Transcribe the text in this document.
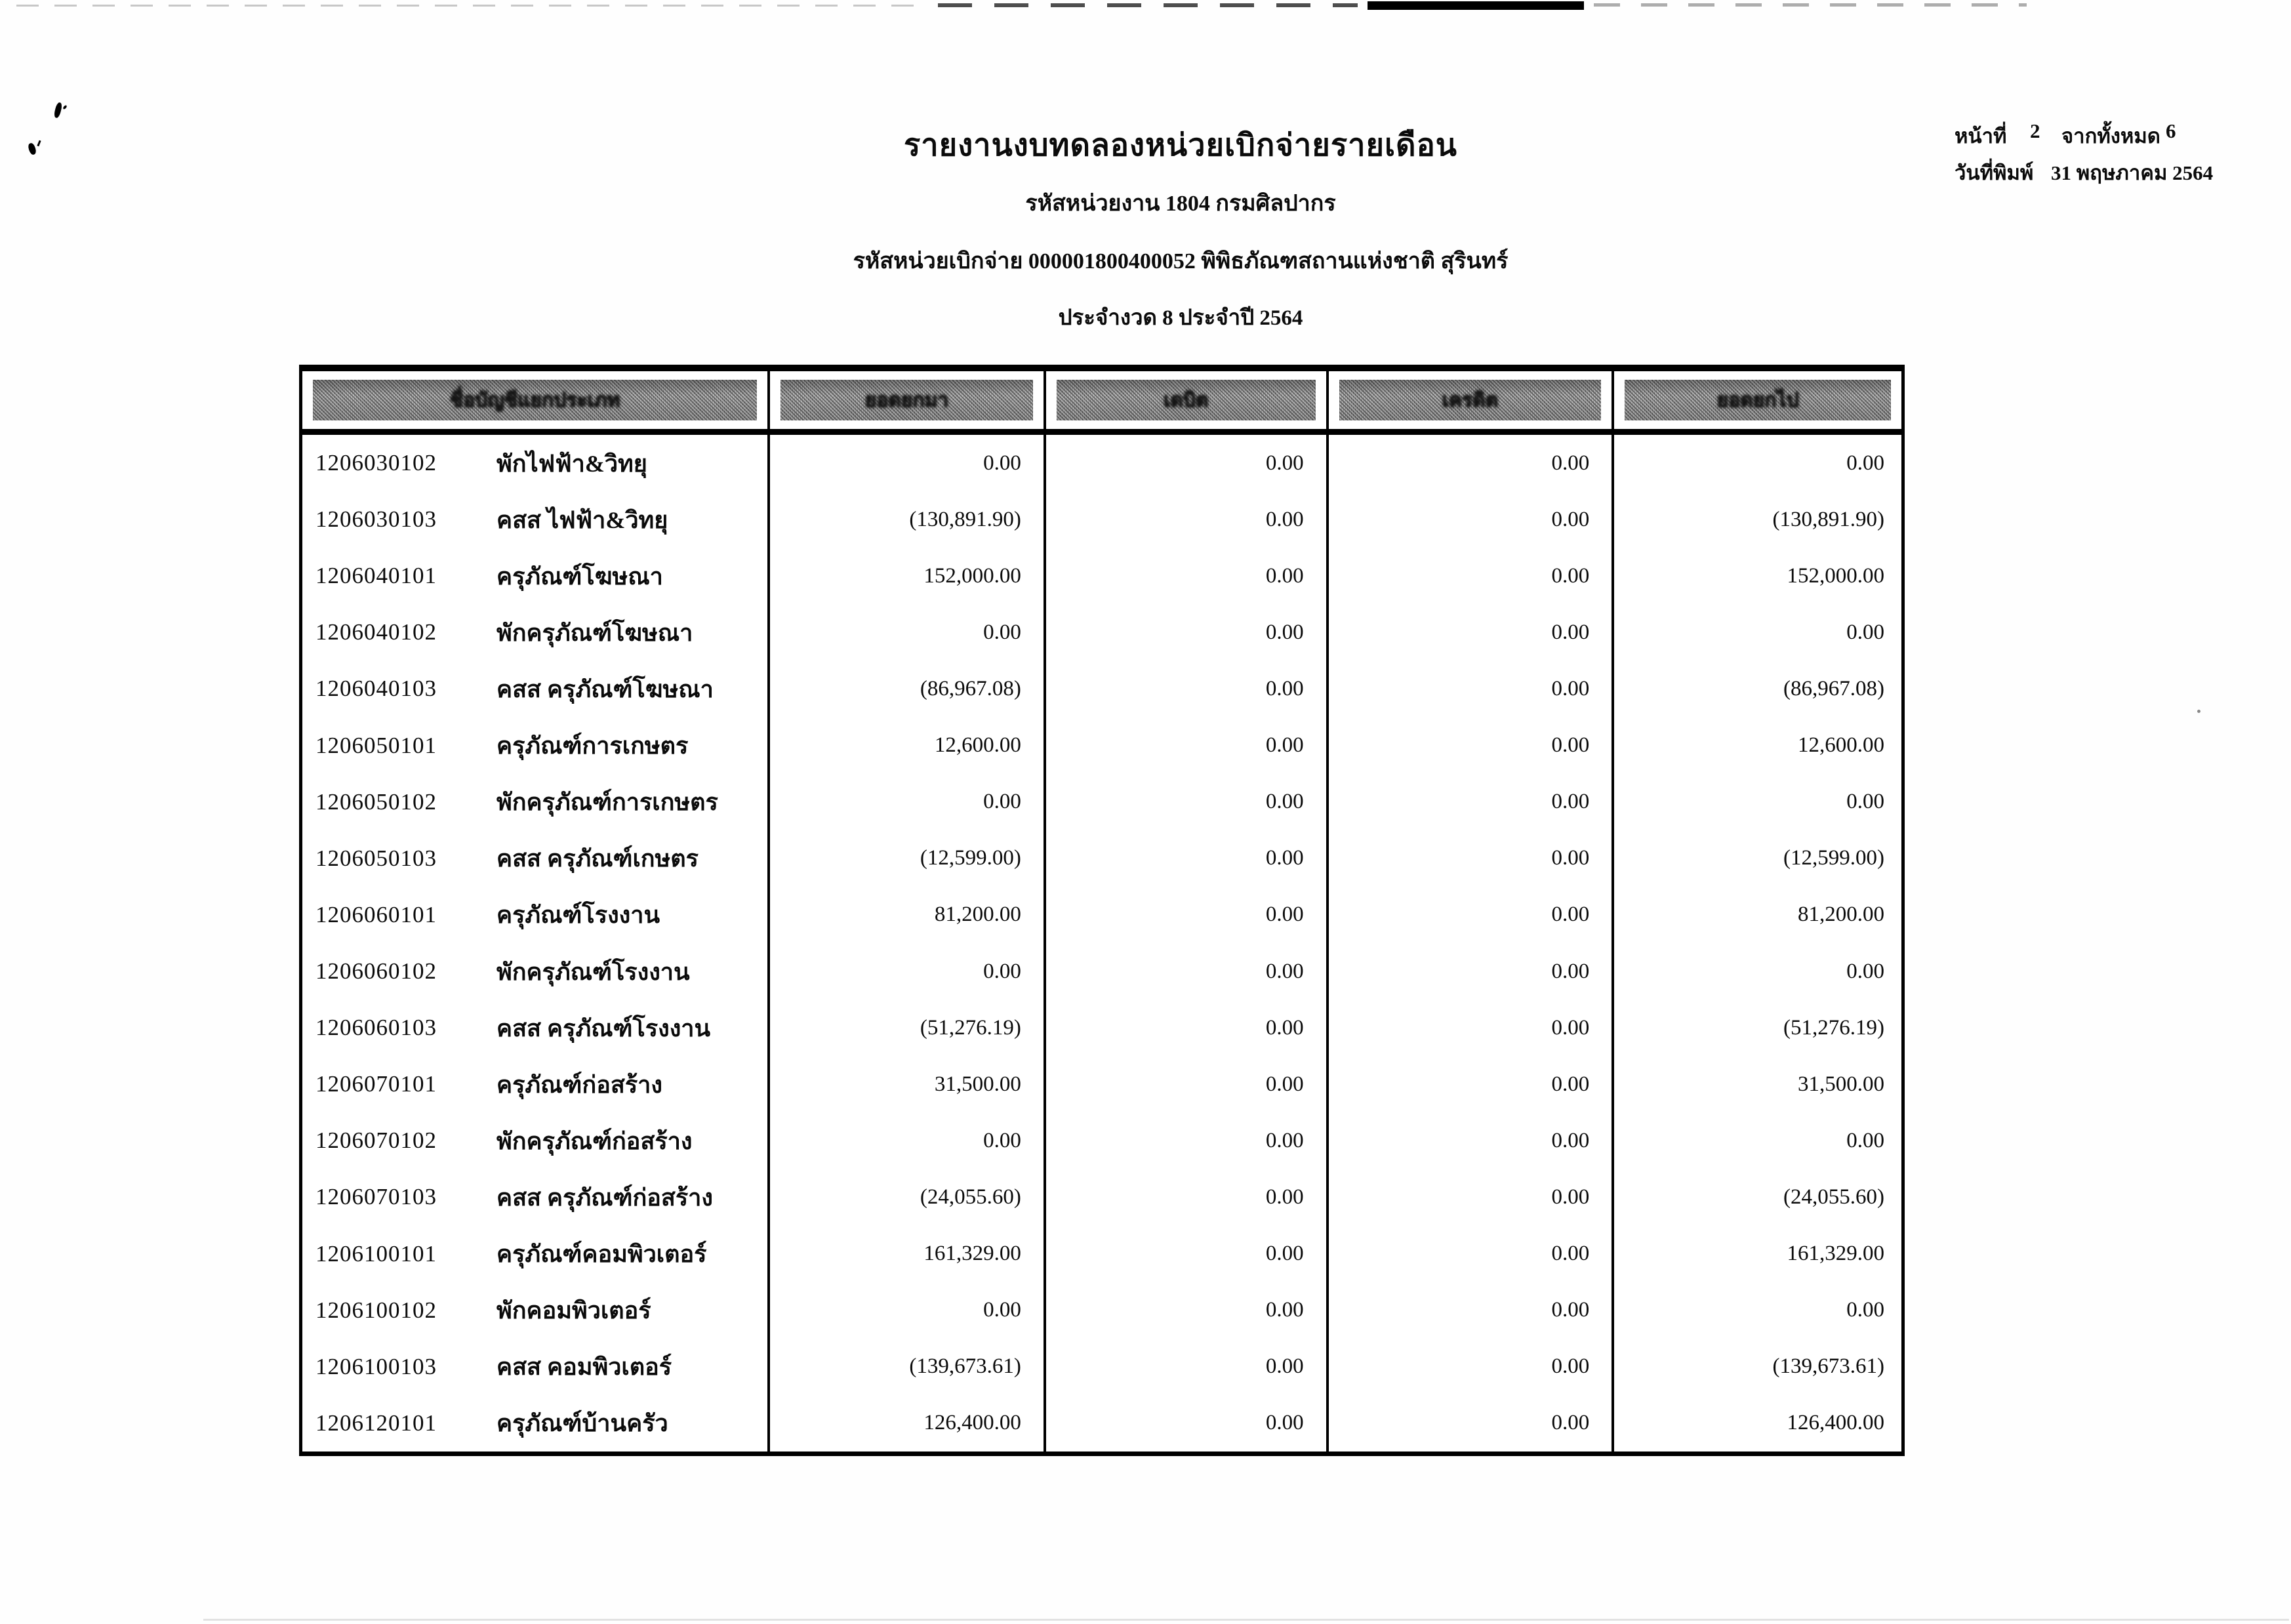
รายงานงบทดลองหน่วยเบิกจ่ายรายเดือน
รหัสหน่วยงาน 1804 กรมศิลปากร
รหัสหน่วยเบิกจ่าย 000001800400052 พิพิธภัณฑสถานแห่งชาติ สุรินทร์
ประจำงวด 8 ประจำปี 2564
หน้าที่ 2 จากทั้งหมด 6
วันที่พิมพ์ 31 พฤษภาคม 2564
ชื่อบัญชีแยกประเภท	ยอดยกมา	เดบิต	เครดิต	ยอดยกไป
1206030102	พักไฟฟ้า&วิทยุ	0.00	0.00	0.00	0.00
1206030103	คสส ไฟฟ้า&วิทยุ	(130,891.90)	0.00	0.00	(130,891.90)
1206040101	ครุภัณฑ์โฆษณา	152,000.00	0.00	0.00	152,000.00
1206040102	พักครุภัณฑ์โฆษณา	0.00	0.00	0.00	0.00
1206040103	คสส ครุภัณฑ์โฆษณา	(86,967.08)	0.00	0.00	(86,967.08)
1206050101	ครุภัณฑ์การเกษตร	12,600.00	0.00	0.00	12,600.00
1206050102	พักครุภัณฑ์การเกษตร	0.00	0.00	0.00	0.00
1206050103	คสส ครุภัณฑ์เกษตร	(12,599.00)	0.00	0.00	(12,599.00)
1206060101	ครุภัณฑ์โรงงาน	81,200.00	0.00	0.00	81,200.00
1206060102	พักครุภัณฑ์โรงงาน	0.00	0.00	0.00	0.00
1206060103	คสส ครุภัณฑ์โรงงาน	(51,276.19)	0.00	0.00	(51,276.19)
1206070101	ครุภัณฑ์ก่อสร้าง	31,500.00	0.00	0.00	31,500.00
1206070102	พักครุภัณฑ์ก่อสร้าง	0.00	0.00	0.00	0.00
1206070103	คสส ครุภัณฑ์ก่อสร้าง	(24,055.60)	0.00	0.00	(24,055.60)
1206100101	ครุภัณฑ์คอมพิวเตอร์	161,329.00	0.00	0.00	161,329.00
1206100102	พักคอมพิวเตอร์	0.00	0.00	0.00	0.00
1206100103	คสส คอมพิวเตอร์	(139,673.61)	0.00	0.00	(139,673.61)
1206120101	ครุภัณฑ์บ้านครัว	126,400.00	0.00	0.00	126,400.00
